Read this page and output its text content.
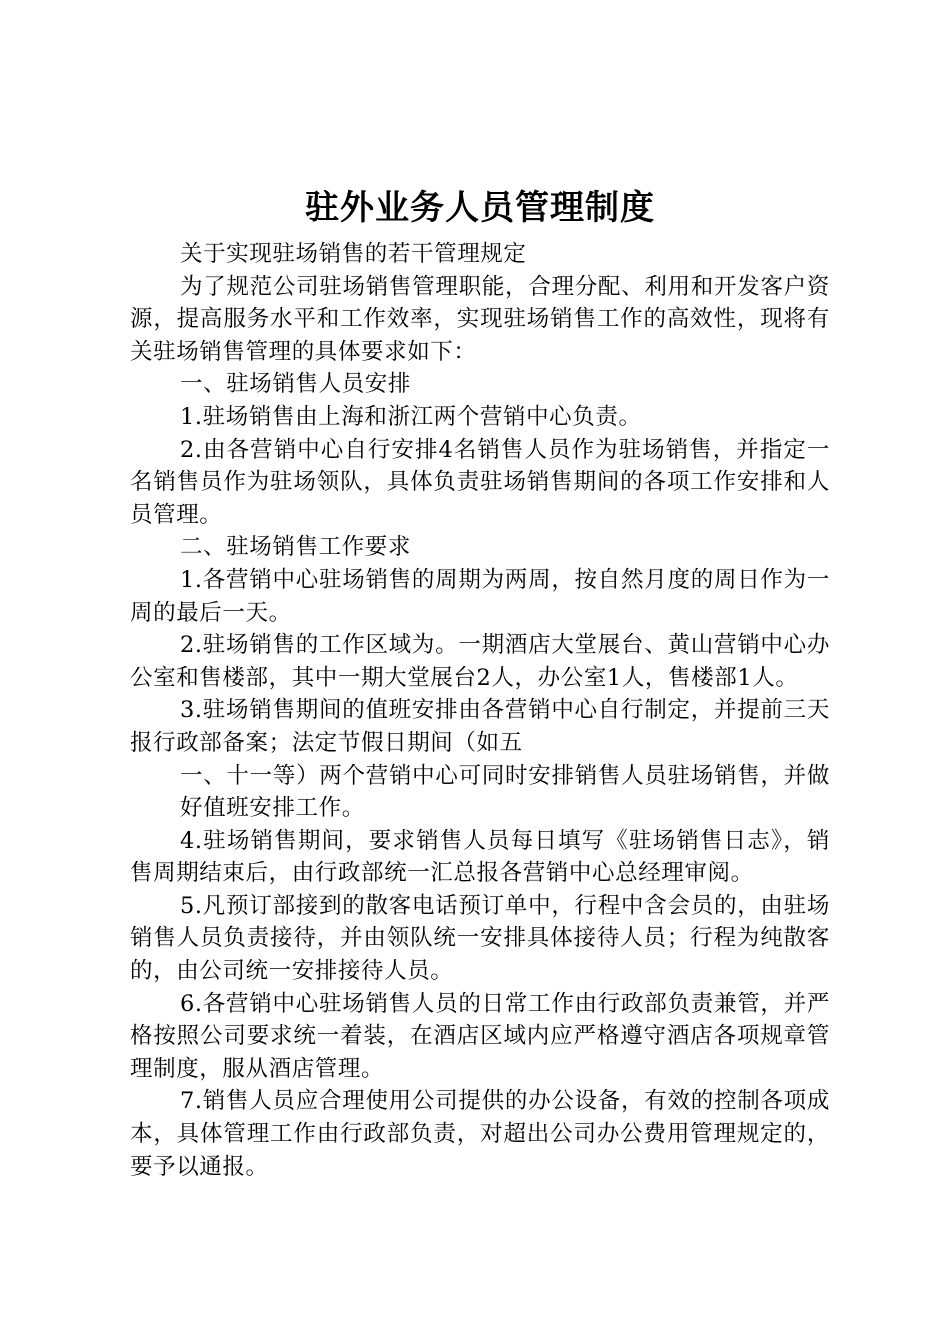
驻外业务人员管理制度

关于实现驻场销售的若干管理规定

为了规范公司驻场销售管理职能，合理分配、利用和开发客户资源，提高服务水平和工作效率，实现驻场销售工作的高效性，现将有关驻场销售管理的具体要求如下：

一、驻场销售人员安排

1.驻场销售由上海和浙江两个营销中心负责。

2.由各营销中心自行安排4名销售人员作为驻场销售，并指定一名销售员作为驻场领队，具体负责驻场销售期间的各项工作安排和人员管理。

二、驻场销售工作要求

1.各营销中心驻场销售的周期为两周，按自然月度的周日作为一周的最后一天。

2.驻场销售的工作区域为。一期酒店大堂展台、黄山营销中心办公室和售楼部，其中一期大堂展台2人，办公室1人，售楼部1人。

3.驻场销售期间的值班安排由各营销中心自行制定，并提前三天报行政部备案；法定节假日期间（如五

一、十一等）两个营销中心可同时安排销售人员驻场销售，并做好值班安排工作。

4.驻场销售期间，要求销售人员每日填写《驻场销售日志》，销售周期结束后，由行政部统一汇总报各营销中心总经理审阅。

5.凡预订部接到的散客电话预订单中，行程中含会员的，由驻场销售人员负责接待，并由领队统一安排具体接待人员；行程为纯散客的，由公司统一安排接待人员。

6.各营销中心驻场销售人员的日常工作由行政部负责兼管，并严格按照公司要求统一着装，在酒店区域内应严格遵守酒店各项规章管理制度，服从酒店管理。

7.销售人员应合理使用公司提供的办公设备，有效的控制各项成本，具体管理工作由行政部负责，对超出公司办公费用管理规定的，要予以通报。
